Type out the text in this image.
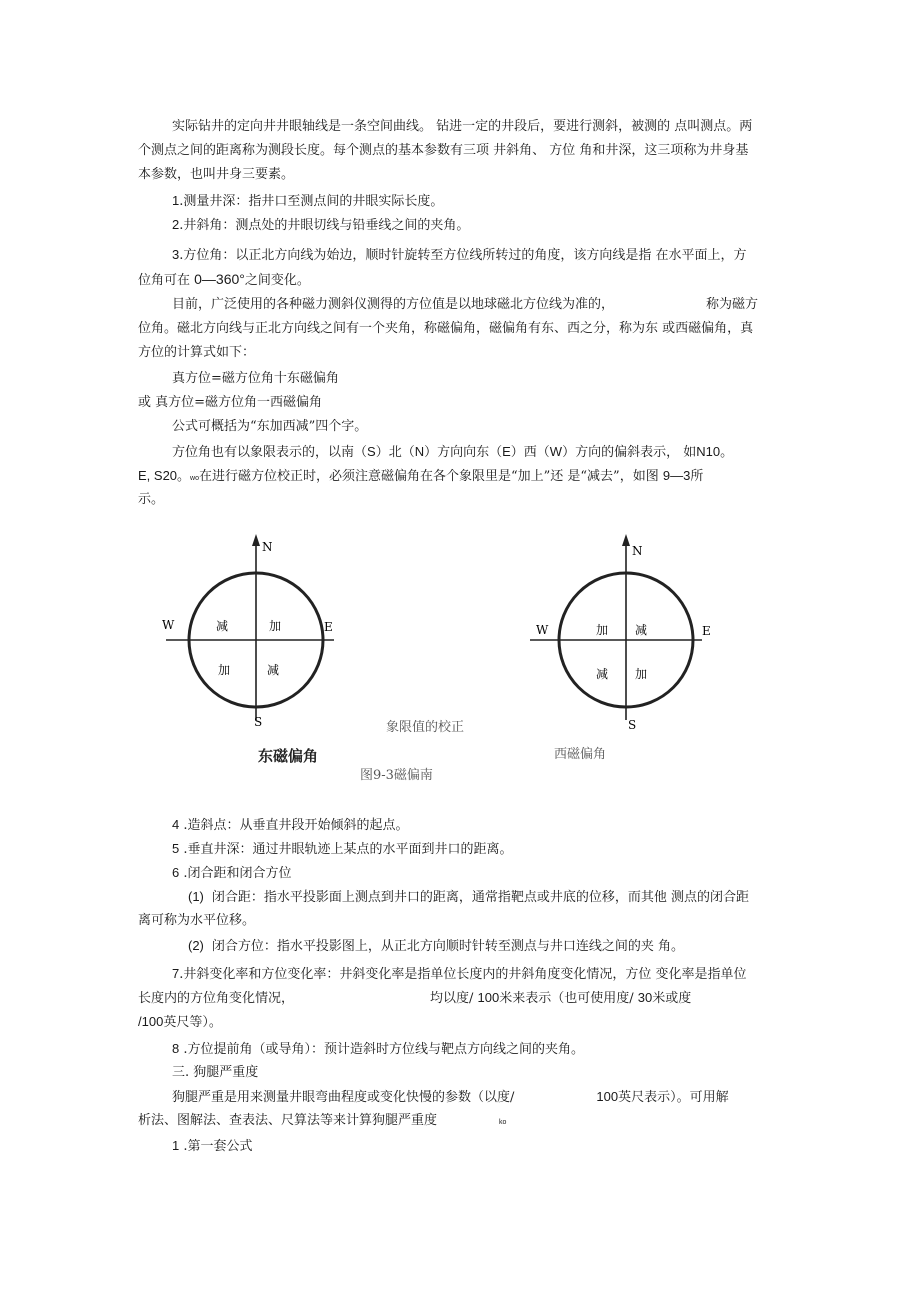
实际钻井的定向井井眼轴线是一条空间曲线。 钻进一定的井段后，要进行测斜，被测的 点叫测点。两
个测点之间的距离称为测段长度。每个测点的基本参数有三项 井斜角、 方位 角和井深，这三项称为井身基
本参数，也叫井身三要素。
1.测量井深：指井口至测点间的井眼实际长度。
2.井斜角：测点处的井眼切线与铅垂线之间的夹角。
3.方位角：以正北方向线为始边，顺时针旋转至方位线所转过的角度，该方向线是指 在水平面上，方
位角可在 0—360°之间变化。
目前，广泛使用的各种磁力测斜仪测得的方位值是以地球磁北方位线为准的，	称为磁方
位角。磁北方向线与正北方向线之间有一个夹角，称磁偏角，磁偏角有东、西之分，称为东 或西磁偏角，真
方位的计算式如下：
真方位=磁方位角十东磁偏角
或 真方位=磁方位角一西磁偏角
公式可概括为“东加西减”四个字。
方位角也有以象限表示的，以南（S）北（N）方向向东（E）西（W）方向的偏斜表示， 如N10。
E, S20。wo在进行磁方位校正时，必须注意磁偏角在各个象限里是“加上”还 是“减去”，如图 9—3所
示。
N
W	E
S
减	加
加	减
N
W	E
S
加 减
减 加
象限值的校正
东磁偏角	西磁偏角
图9-3磁偏南
4 .造斜点：从垂直井段开始倾斜的起点。
5 .垂直井深：通过井眼轨迹上某点的水平面到井口的距离。
6 .闭合距和闭合方位
(1) 闭合距：指水平投影面上测点到井口的距离，通常指靶点或井底的位移，而其他 测点的闭合距
离可称为水平位移。
(2) 闭合方位：指水平投影图上，从正北方向顺时针转至测点与井口连线之间的夹 角。
7.井斜变化率和方位变化率：井斜变化率是指单位长度内的井斜角度变化情况，方位 变化率是指单位
长度内的方位角变化情况，	均以度/ 100米来表示（也可使用度/ 30米或度
/100英尺等）。
8 .方位提前角（或导角）：预计造斜时方位线与靶点方向线之间的夹角。
三. 狗腿严重度
狗腿严重是用来测量井眼弯曲程度或变化快慢的参数（以度/	100英尺表示）。可用解
析法、图解法、查表法、尺算法等来计算狗腿严重度	ko
1 .第一套公式
